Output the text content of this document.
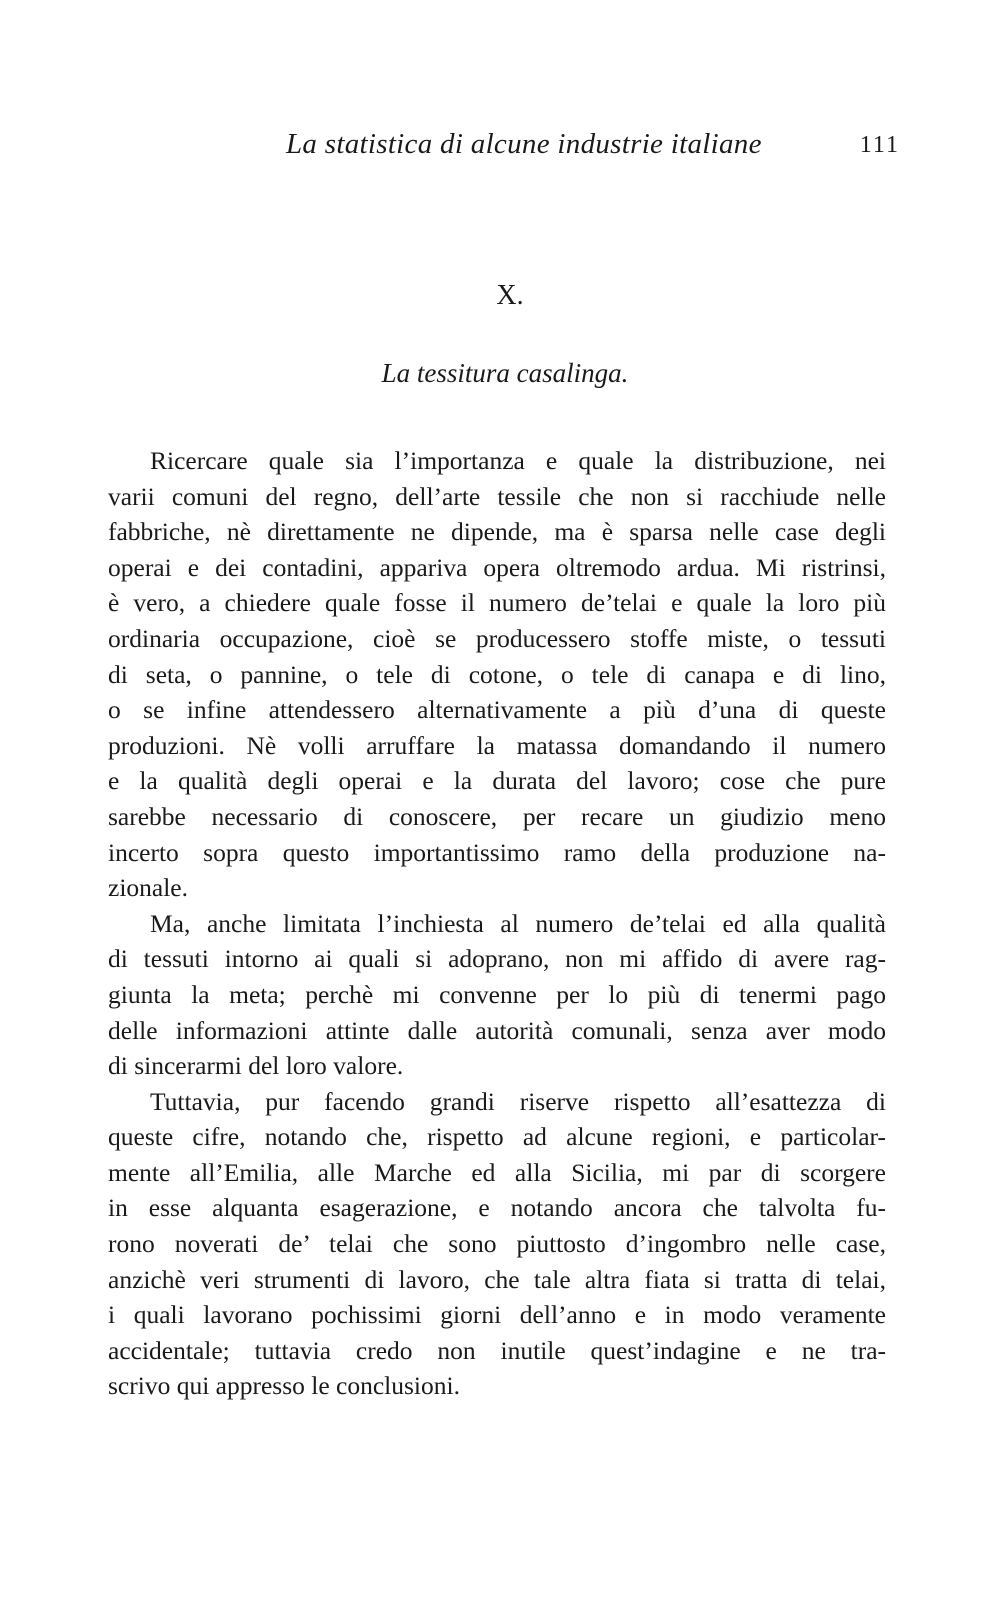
La statistica di alcune industrie italiane	111
X.
La tessitura casalinga.

Ricercare quale sia l’importanza e quale la distribuzione, nei
varii comuni del regno, dell’arte tessile che non si racchiude nelle
fabbriche, nè direttamente ne dipende, ma è sparsa nelle case degli
operai e dei contadini, appariva opera oltremodo ardua. Mi ristrinsi,
è vero, a chiedere quale fosse il numero de’telai e quale la loro più
ordinaria occupazione, cioè se producessero stoffe miste, o tessuti
di seta, o pannine, o tele di cotone, o tele di canapa e di lino,
o se infine attendessero alternativamente a più d’una di queste
produzioni. Nè volli arruffare la matassa domandando il numero
e la qualità degli operai e la durata del lavoro; cose che pure
sarebbe necessario di conoscere, per recare un giudizio meno
incerto sopra questo importantissimo ramo della produzione na-
zionale.

Ma, anche limitata l’inchiesta al numero de’telai ed alla qualità
di tessuti intorno ai quali si adoprano, non mi affido di avere rag-
giunta la meta; perchè mi convenne per lo più di tenermi pago
delle informazioni attinte dalle autorità comunali, senza aver modo
di sincerarmi del loro valore.

Tuttavia, pur facendo grandi riserve rispetto all’esattezza di
queste cifre, notando che, rispetto ad alcune regioni, e particolar-
mente all’Emilia, alle Marche ed alla Sicilia, mi par di scorgere
in esse alquanta esagerazione, e notando ancora che talvolta fu-
rono noverati de’ telai che sono piuttosto d’ingombro nelle case,
anzichè veri strumenti di lavoro, che tale altra fiata si tratta di telai,
i quali lavorano pochissimi giorni dell’anno e in modo veramente
accidentale; tuttavia credo non inutile quest’indagine e ne tra-
scrivo qui appresso le conclusioni.
